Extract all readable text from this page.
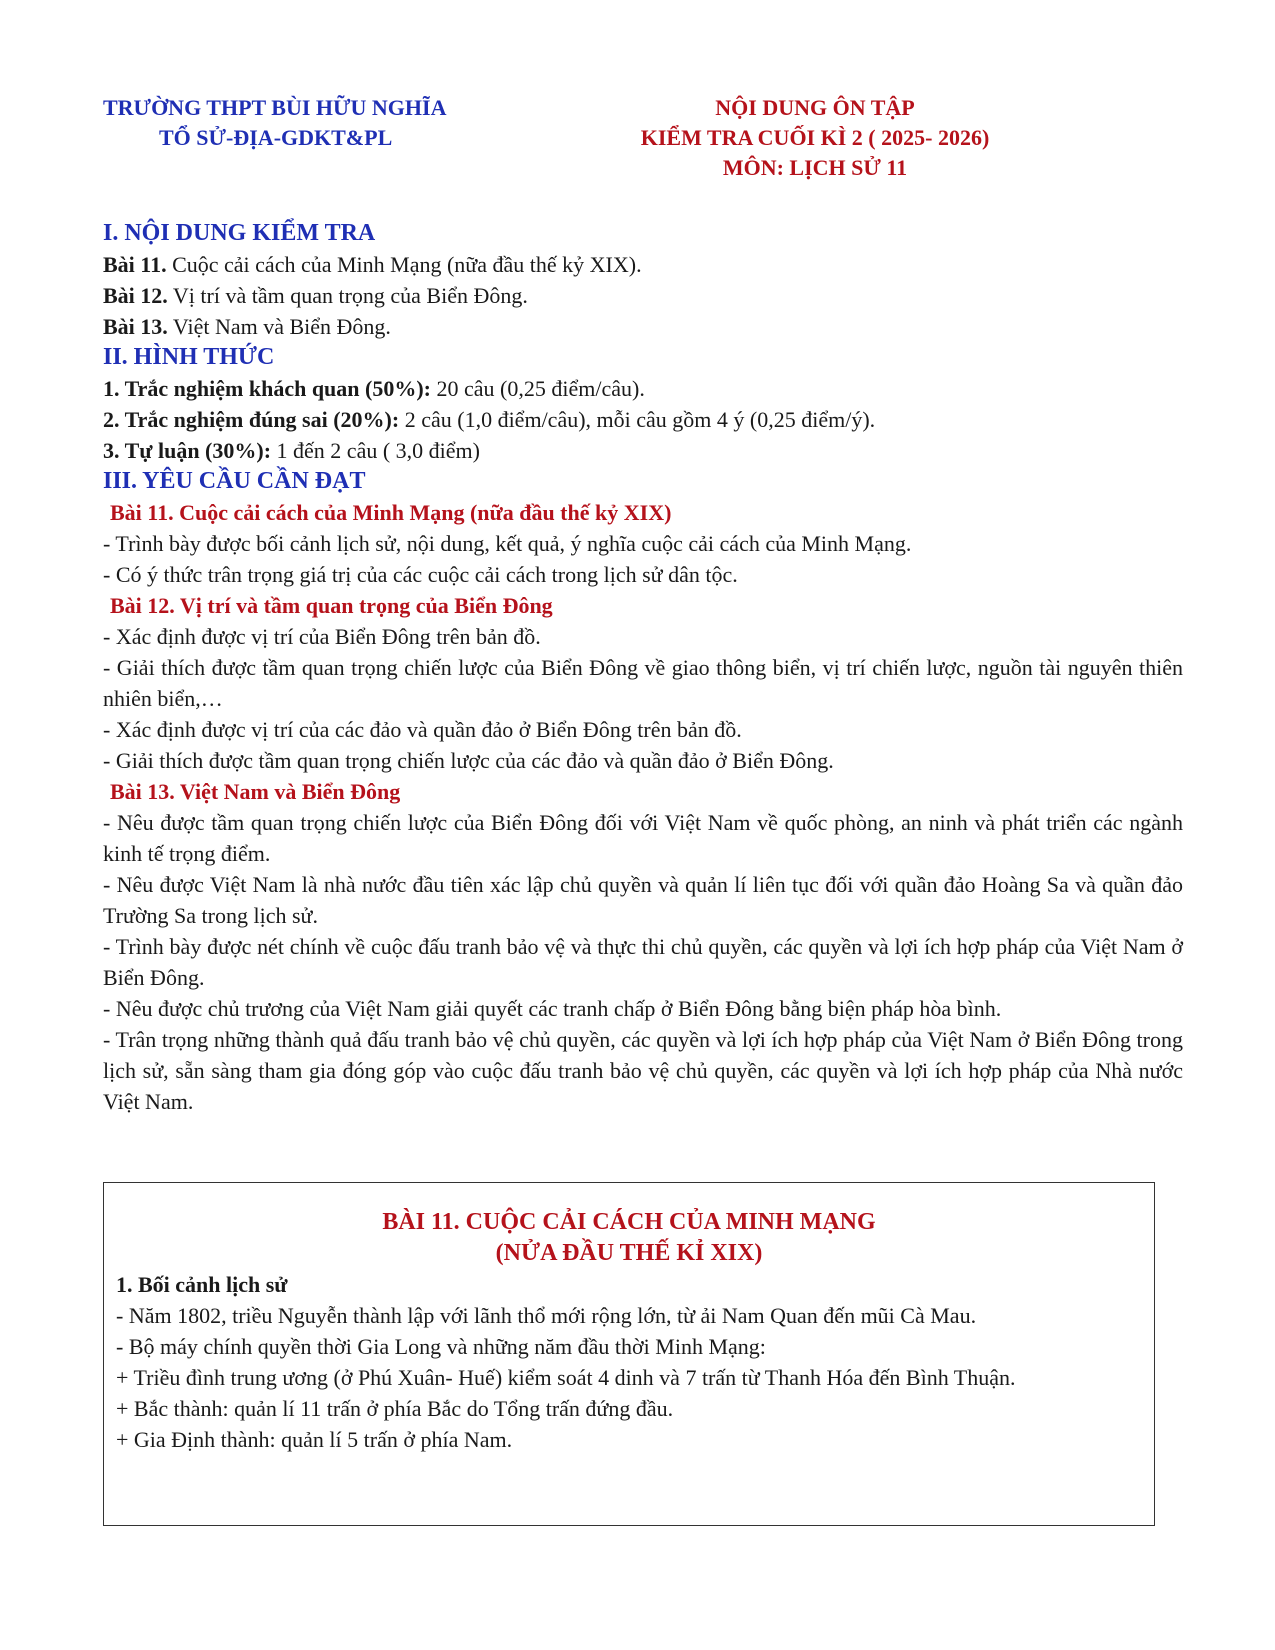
TRƯỜNG THPT BÙI HỮU NGHĨA
TỔ SỬ-ĐỊA-GDKT&PL
NỘI DUNG ÔN TẬP
KIỂM TRA CUỐI KÌ 2 ( 2025- 2026)
MÔN: LỊCH SỬ 11

I. NỘI DUNG KIỂM TRA

Bài 11. Cuộc cải cách của Minh Mạng (nữa đầu thế kỷ XIX).

Bài 12. Vị trí và tầm quan trọng của Biển Đông.

Bài 13. Việt Nam và Biển Đông.

II. HÌNH THỨC

1. Trắc nghiệm khách quan (50%): 20 câu (0,25 điểm/câu).

2. Trắc nghiệm đúng sai (20%): 2 câu (1,0 điểm/câu), mỗi câu gồm 4 ý (0,25 điểm/ý).

3. Tự luận (30%): 1 đến 2 câu ( 3,0 điểm)

III. YÊU CẦU CẦN ĐẠT

Bài 11. Cuộc cải cách của Minh Mạng (nữa đầu thế kỷ XIX)

- Trình bày được bối cảnh lịch sử, nội dung, kết quả, ý nghĩa cuộc cải cách của Minh Mạng.

- Có ý thức trân trọng giá trị của các cuộc cải cách trong lịch sử dân tộc.

Bài 12. Vị trí và tầm quan trọng của Biển Đông

- Xác định được vị trí của Biển Đông trên bản đồ.

- Giải thích được tầm quan trọng chiến lược của Biển Đông về giao thông biển, vị trí chiến lược, nguồn tài nguyên thiên nhiên biển,…

- Xác định được vị trí của các đảo và quần đảo ở Biển Đông trên bản đồ.

- Giải thích được tầm quan trọng chiến lược của các đảo và quần đảo ở Biển Đông.

Bài 13. Việt Nam và Biển Đông

- Nêu được tầm quan trọng chiến lược của Biển Đông đối với Việt Nam về quốc phòng, an ninh và phát triển các ngành kinh tế trọng điểm.

- Nêu được Việt Nam là nhà nước đầu tiên xác lập chủ quyền và quản lí liên tục đối với quần đảo Hoàng Sa và quần đảo Trường Sa trong lịch sử.

- Trình bày được nét chính về cuộc đấu tranh bảo vệ và thực thi chủ quyền, các quyền và lợi ích hợp pháp của Việt Nam ở Biển Đông.

- Nêu được chủ trương của Việt Nam giải quyết các tranh chấp ở Biển Đông bằng biện pháp hòa bình.

- Trân trọng những thành quả đấu tranh bảo vệ chủ quyền, các quyền và lợi ích hợp pháp của Việt Nam ở Biển Đông trong lịch sử, sẵn sàng tham gia đóng góp vào cuộc đấu tranh bảo vệ chủ quyền, các quyền và lợi ích hợp pháp của Nhà nước Việt Nam.

BÀI 11. CUỘC CẢI CÁCH CỦA MINH MẠNG

(NỬA ĐẦU THẾ KỈ XIX)

1. Bối cảnh lịch sử

- Năm 1802, triều Nguyễn thành lập với lãnh thổ mới rộng lớn, từ ải Nam Quan đến mũi Cà Mau.

- Bộ máy chính quyền thời Gia Long và những năm đầu thời Minh Mạng:

+ Triều đình trung ương (ở Phú Xuân- Huế) kiểm soát 4 dinh và 7 trấn từ Thanh Hóa đến Bình Thuận.

+ Bắc thành: quản lí 11 trấn ở phía Bắc do Tổng trấn đứng đầu.

+ Gia Định thành: quản lí 5 trấn ở phía Nam.
